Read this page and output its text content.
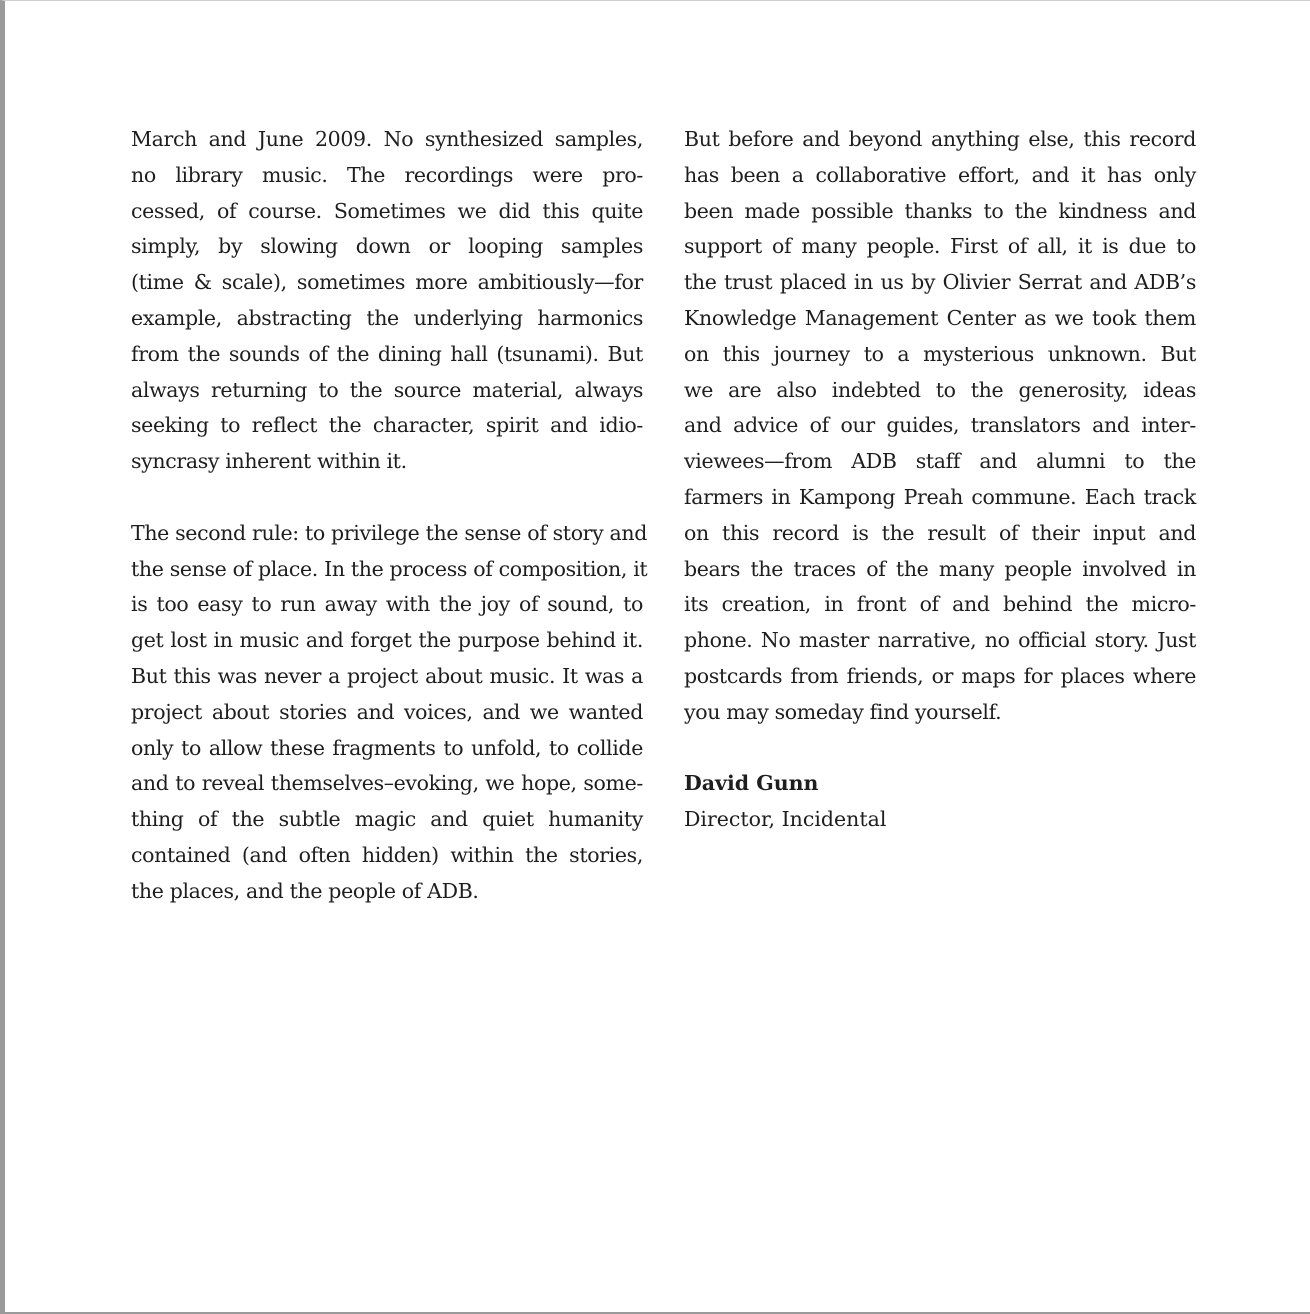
March and June 2009. No synthesized samples,
no library music. The recordings were pro-
cessed, of course. Sometimes we did this quite
simply, by slowing down or looping samples
(time & scale), sometimes more ambitiously—for
example, abstracting the underlying harmonics
from the sounds of the dining hall (tsunami). But
always returning to the source material, always
seeking to reflect the character, spirit and idio-
syncrasy inherent within it.
The second rule: to privilege the sense of story and
the sense of place. In the process of composition, it
is too easy to run away with the joy of sound, to
get lost in music and forget the purpose behind it.
But this was never a project about music. It was a
project about stories and voices, and we wanted
only to allow these fragments to unfold, to collide
and to reveal themselves–evoking, we hope, some-
thing of the subtle magic and quiet humanity
contained (and often hidden) within the stories,
the places, and the people of ADB.
But before and beyond anything else, this record
has been a collaborative effort, and it has only
been made possible thanks to the kindness and
support of many people. First of all, it is due to
the trust placed in us by Olivier Serrat and ADB’s
Knowledge Management Center as we took them
on this journey to a mysterious unknown. But
we are also indebted to the generosity, ideas
and advice of our guides, translators and inter-
viewees—from ADB staff and alumni to the
farmers in Kampong Preah commune. Each track
on this record is the result of their input and
bears the traces of the many people involved in
its creation, in front of and behind the micro-
phone. No master narrative, no official story. Just
postcards from friends, or maps for places where
you may someday find yourself.
David Gunn
Director, Incidental
